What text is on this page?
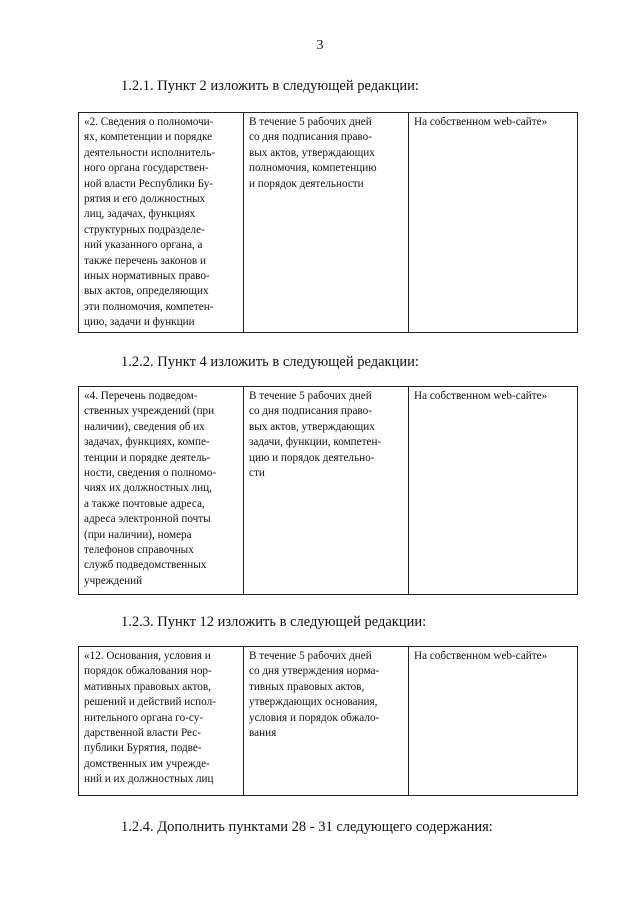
3
1.2.1. Пункт 2 изложить в следующей редакции:
«2. Сведения о полномочи-
ях, компетенции и порядке
деятельности исполнитель-
ного органа государствен-
ной власти Республики Бу-
рятия и его должностных
лиц, задачах, функциях
структурных подразделе-
ний указанного органа, а
также перечень законов и
иных нормативных право-
вых актов, определяющих
эти полномочия, компетен-
цию, задачи и функции
В течение 5 рабочих дней
со дня подписания право-
вых актов, утверждающих
полномочия, компетенцию
и порядок деятельности
На собственном web-сайте»
1.2.2. Пункт 4 изложить в следующей редакции:
«4. Перечень подведом-
ственных учреждений (при
наличии), сведения об их
задачах, функциях, компе-
тенции и порядке деятель-
ности, сведения о полномо-
чиях их должностных лиц,
а также почтовые адреса,
адреса электронной почты
(при наличии), номера
телефонов справочных
служб подведомственных
учреждений
В течение 5 рабочих дней
со дня подписания право-
вых актов, утверждающих
задачи, функции, компетен-
цию и порядок деятельно-
сти
На собственном web-сайте»
1.2.3. Пункт 12 изложить в следующей редакции:
«12. Основания, условия и
порядок обжалования нор-
мативных правовых актов,
решений и действий испол-
нительного органа го-су-
дарственной власти Рес-
публики Бурятия, подве-
домственных им учрежде-
ний и их должностных лиц
В течение 5 рабочих дней
со дня утверждения норма-
тивных правовых актов,
утверждающих основания,
условия и порядок обжало-
вания
На собственном web-сайте»
1.2.4. Дополнить пунктами 28 - 31 следующего содержания:
